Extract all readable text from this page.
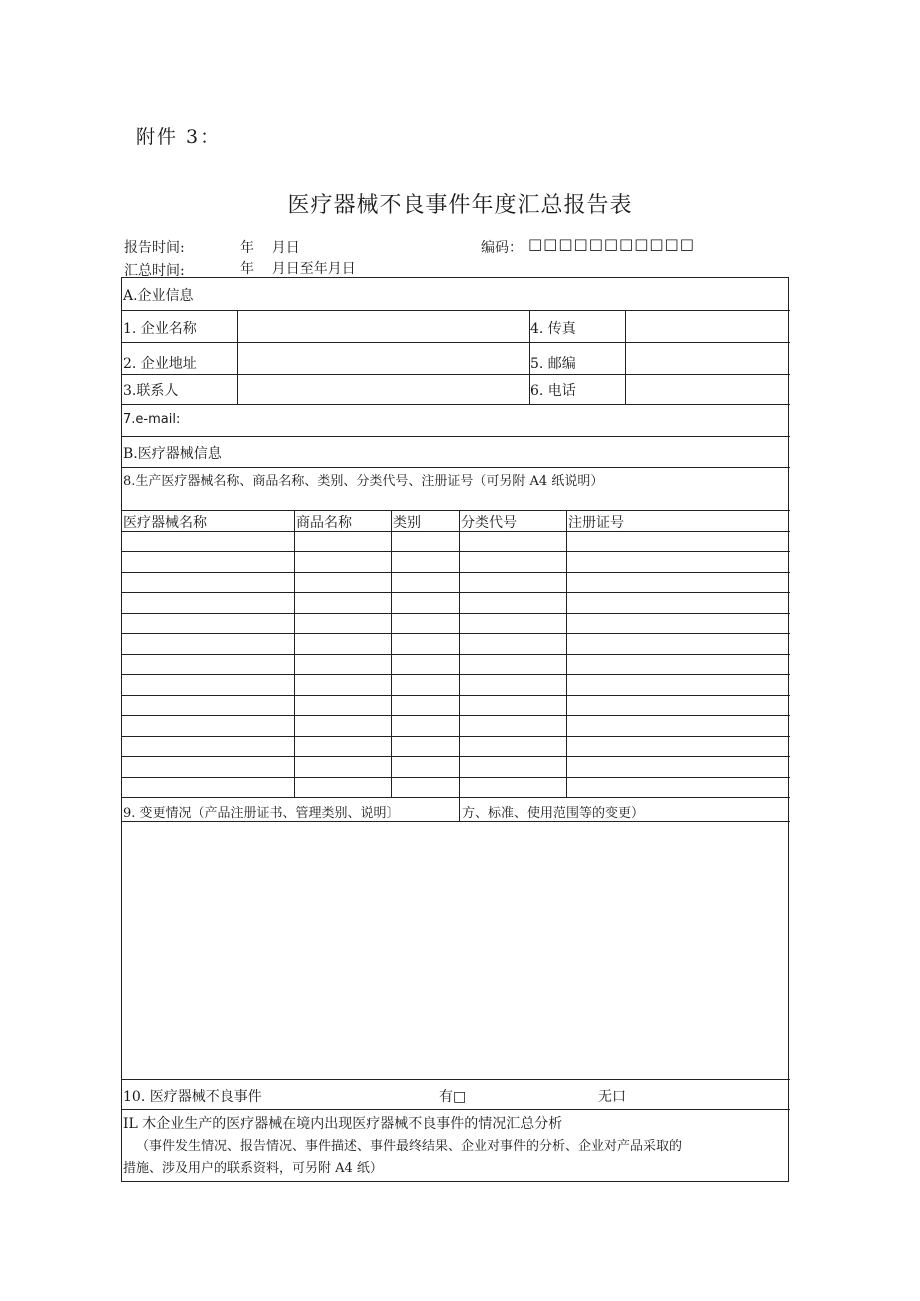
附件 3：
医疗器械不良事件年度汇总报告表
报告时间:	年    月日	编码： □□□□□□□□□□□
汇总时间:	年    月日至年月日
A.企业信息
1. 企业名称	4. 传真
2. 企业地址	5. 邮编
3.联系人	6. 电话
7.e-mail:
B.医疗器械信息
8.生产医疗器械名称、商品名称、类别、分类代号、注册证号（可另附 A4 纸说明）
医疗器械名称	商品名称	类别	分类代号	注册证号
9. 变更情况（产品注册证书、管理类别、说明〕	方、标准、使用范围等的变更）
10. 医疗器械不良事件	有□	无口
IL 木企业生产的医疗器械在境内出现医疗器械不良事件的情况汇总分析
（事件发生情况、报告情况、事件描述、事件最终结果、企业对事件的分析、企业对产品采取的
措施、涉及用户的联系资料，可另附 A4 纸）
